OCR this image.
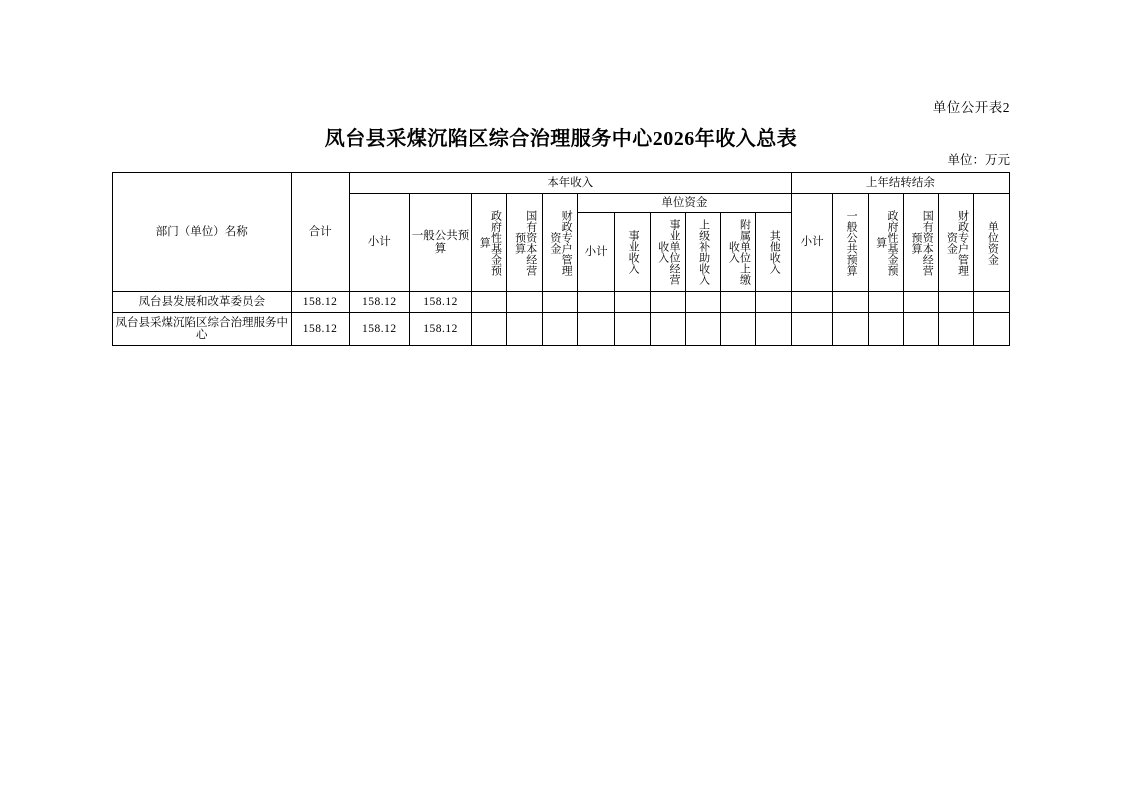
单位公开表2
凤台县采煤沉陷区综合治理服务中心2026年收入总表
单位：万元
部门（单位）名称	合计	本年收入											上年结转结余					
		小计	一般公共预算	政府性基金预算	国有资本经营预算	财政专户管理资金	单位资金						小计	一般公共预算	政府性基金预算	国有资本经营预算	财政专户管理资金	单位资金

							小计	事业收入	事业单位经营收入	上级补助收入	附属单位上缴收入	其他收入						

凤台县发展和改革委员会	158.12	158.12	158.12															
凤台县采煤沉陷区综合治理服务中心	158.12	158.12	158.12															
